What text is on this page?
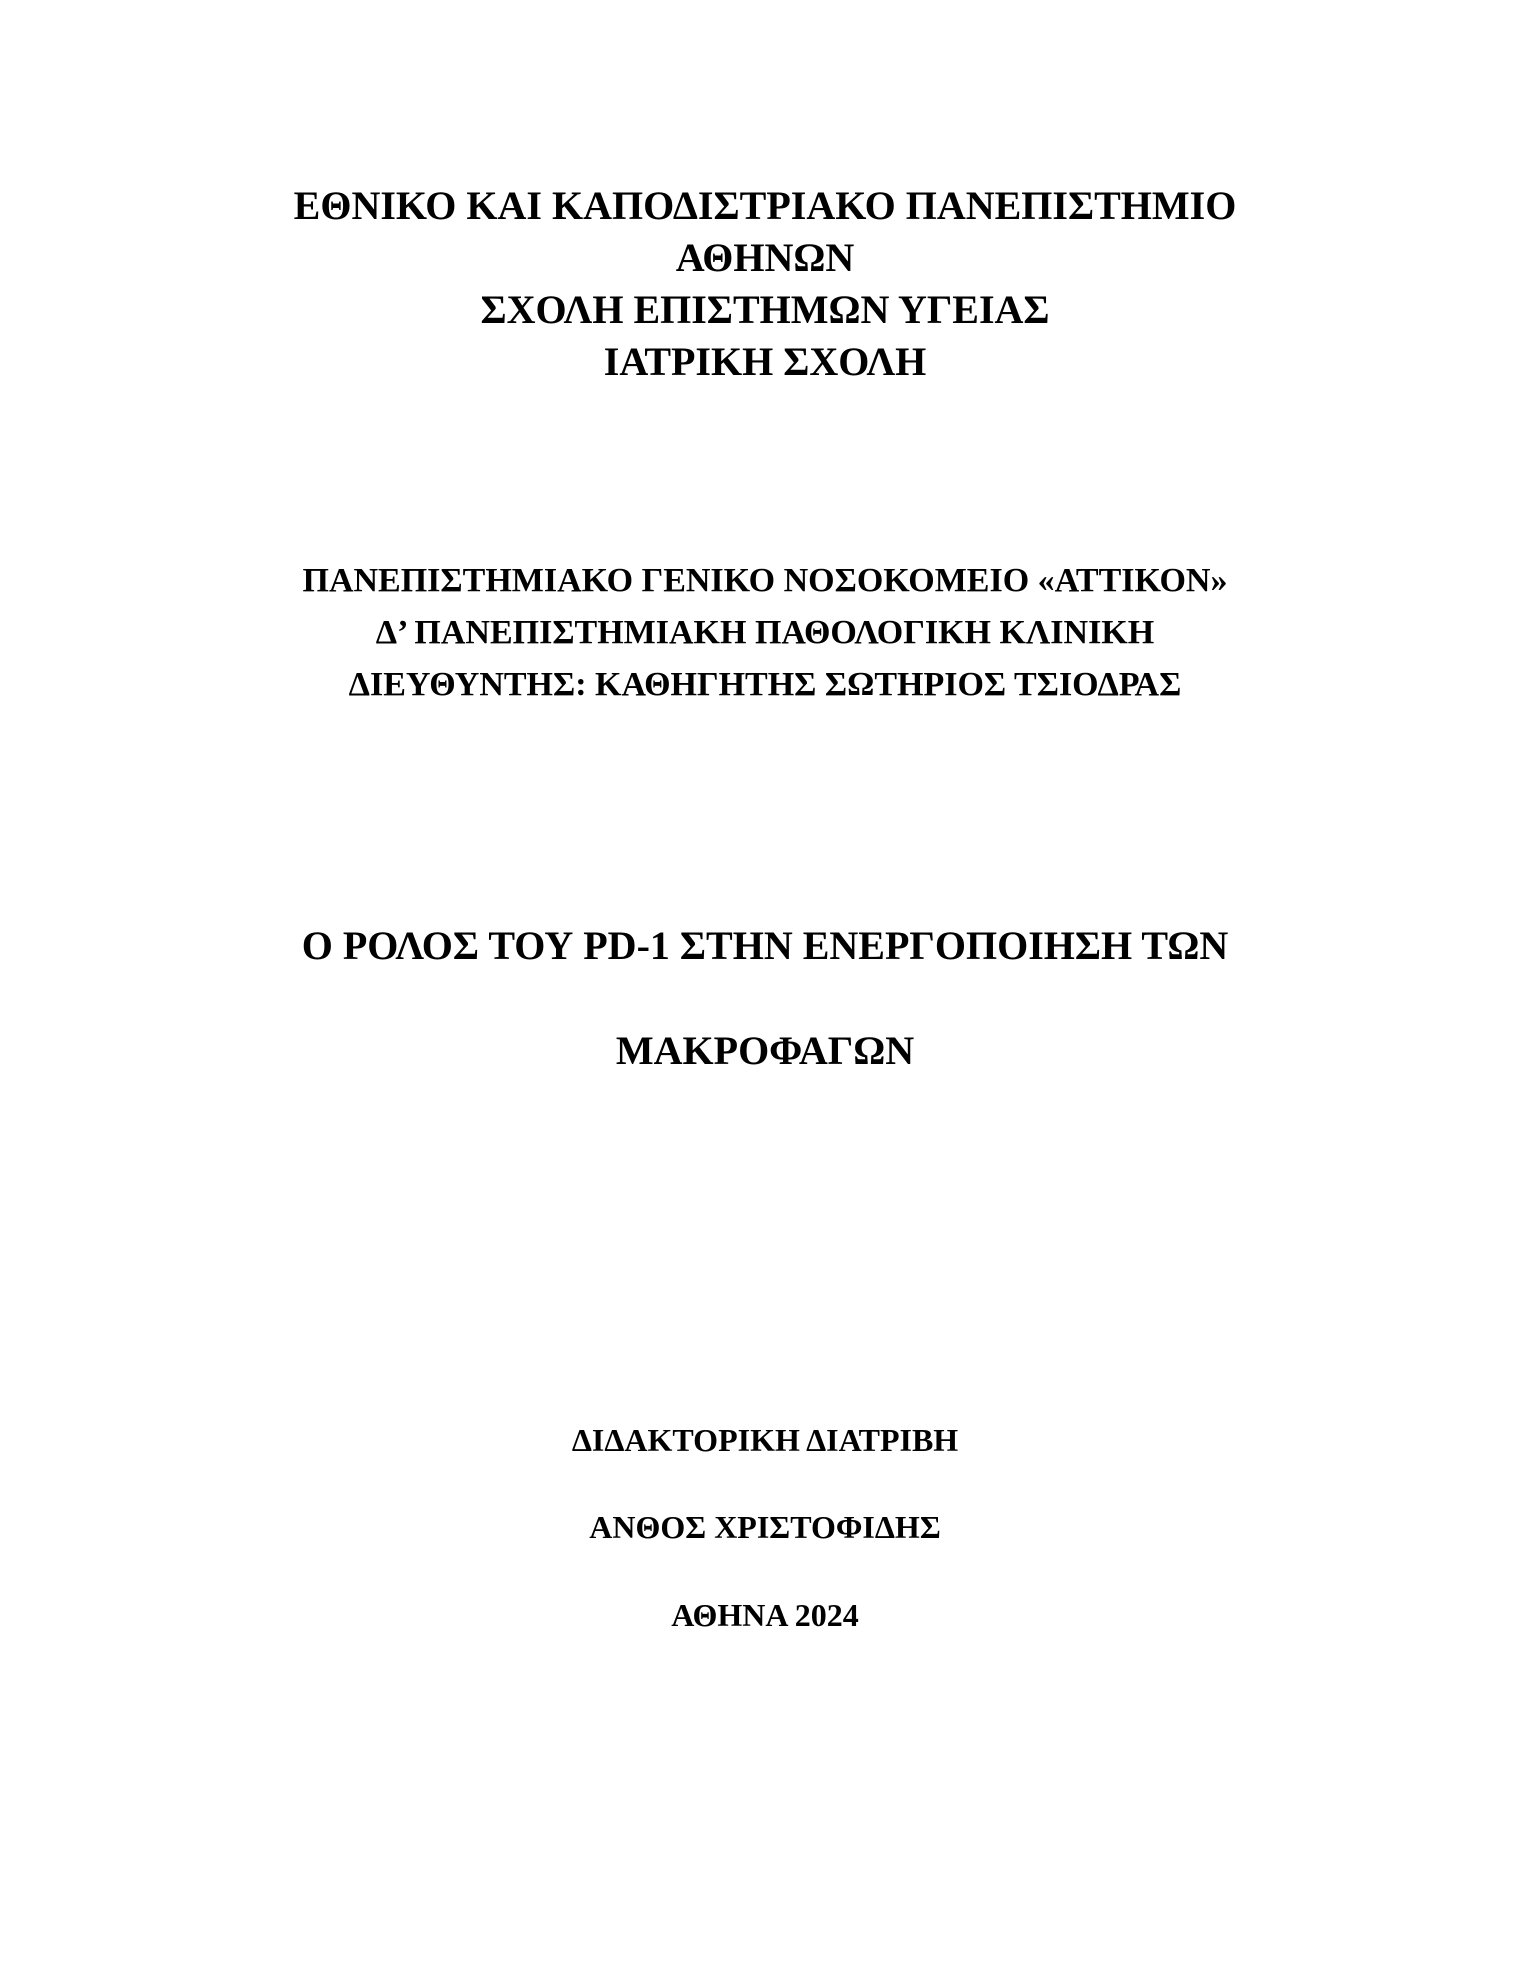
ΕΘΝΙΚΟ ΚΑΙ ΚΑΠΟΔΙΣΤΡΙΑΚΟ ΠΑΝΕΠΙΣΤΗΜΙΟ

ΑΘΗΝΩΝ

ΣΧΟΛΗ ΕΠΙΣΤΗΜΩΝ ΥΓΕΙΑΣ

ΙΑΤΡΙΚΗ ΣΧΟΛΗ

ΠΑΝΕΠΙΣΤΗΜΙΑΚΟ ΓΕΝΙΚΟ ΝΟΣΟΚΟΜΕΙΟ «ΑΤΤΙΚΟΝ»

Δ’ ΠΑΝΕΠΙΣΤΗΜΙΑΚΗ ΠΑΘΟΛΟΓΙΚΗ ΚΛΙΝΙΚΗ

ΔΙΕΥΘΥΝΤΗΣ: ΚΑΘΗΓΗΤΗΣ ΣΩΤΗΡΙΟΣ ΤΣΙΟΔΡΑΣ

Ο ΡΟΛΟΣ ΤΟΥ PD-1 ΣΤΗΝ ΕΝΕΡΓΟΠΟΙΗΣΗ ΤΩΝ

ΜΑΚΡΟΦΑΓΩΝ

ΔΙΔΑΚΤΟΡΙΚΗ ΔΙΑΤΡΙΒΗ

ΑΝΘΟΣ ΧΡΙΣΤΟΦΙΔΗΣ

ΑΘΗΝΑ 2024
